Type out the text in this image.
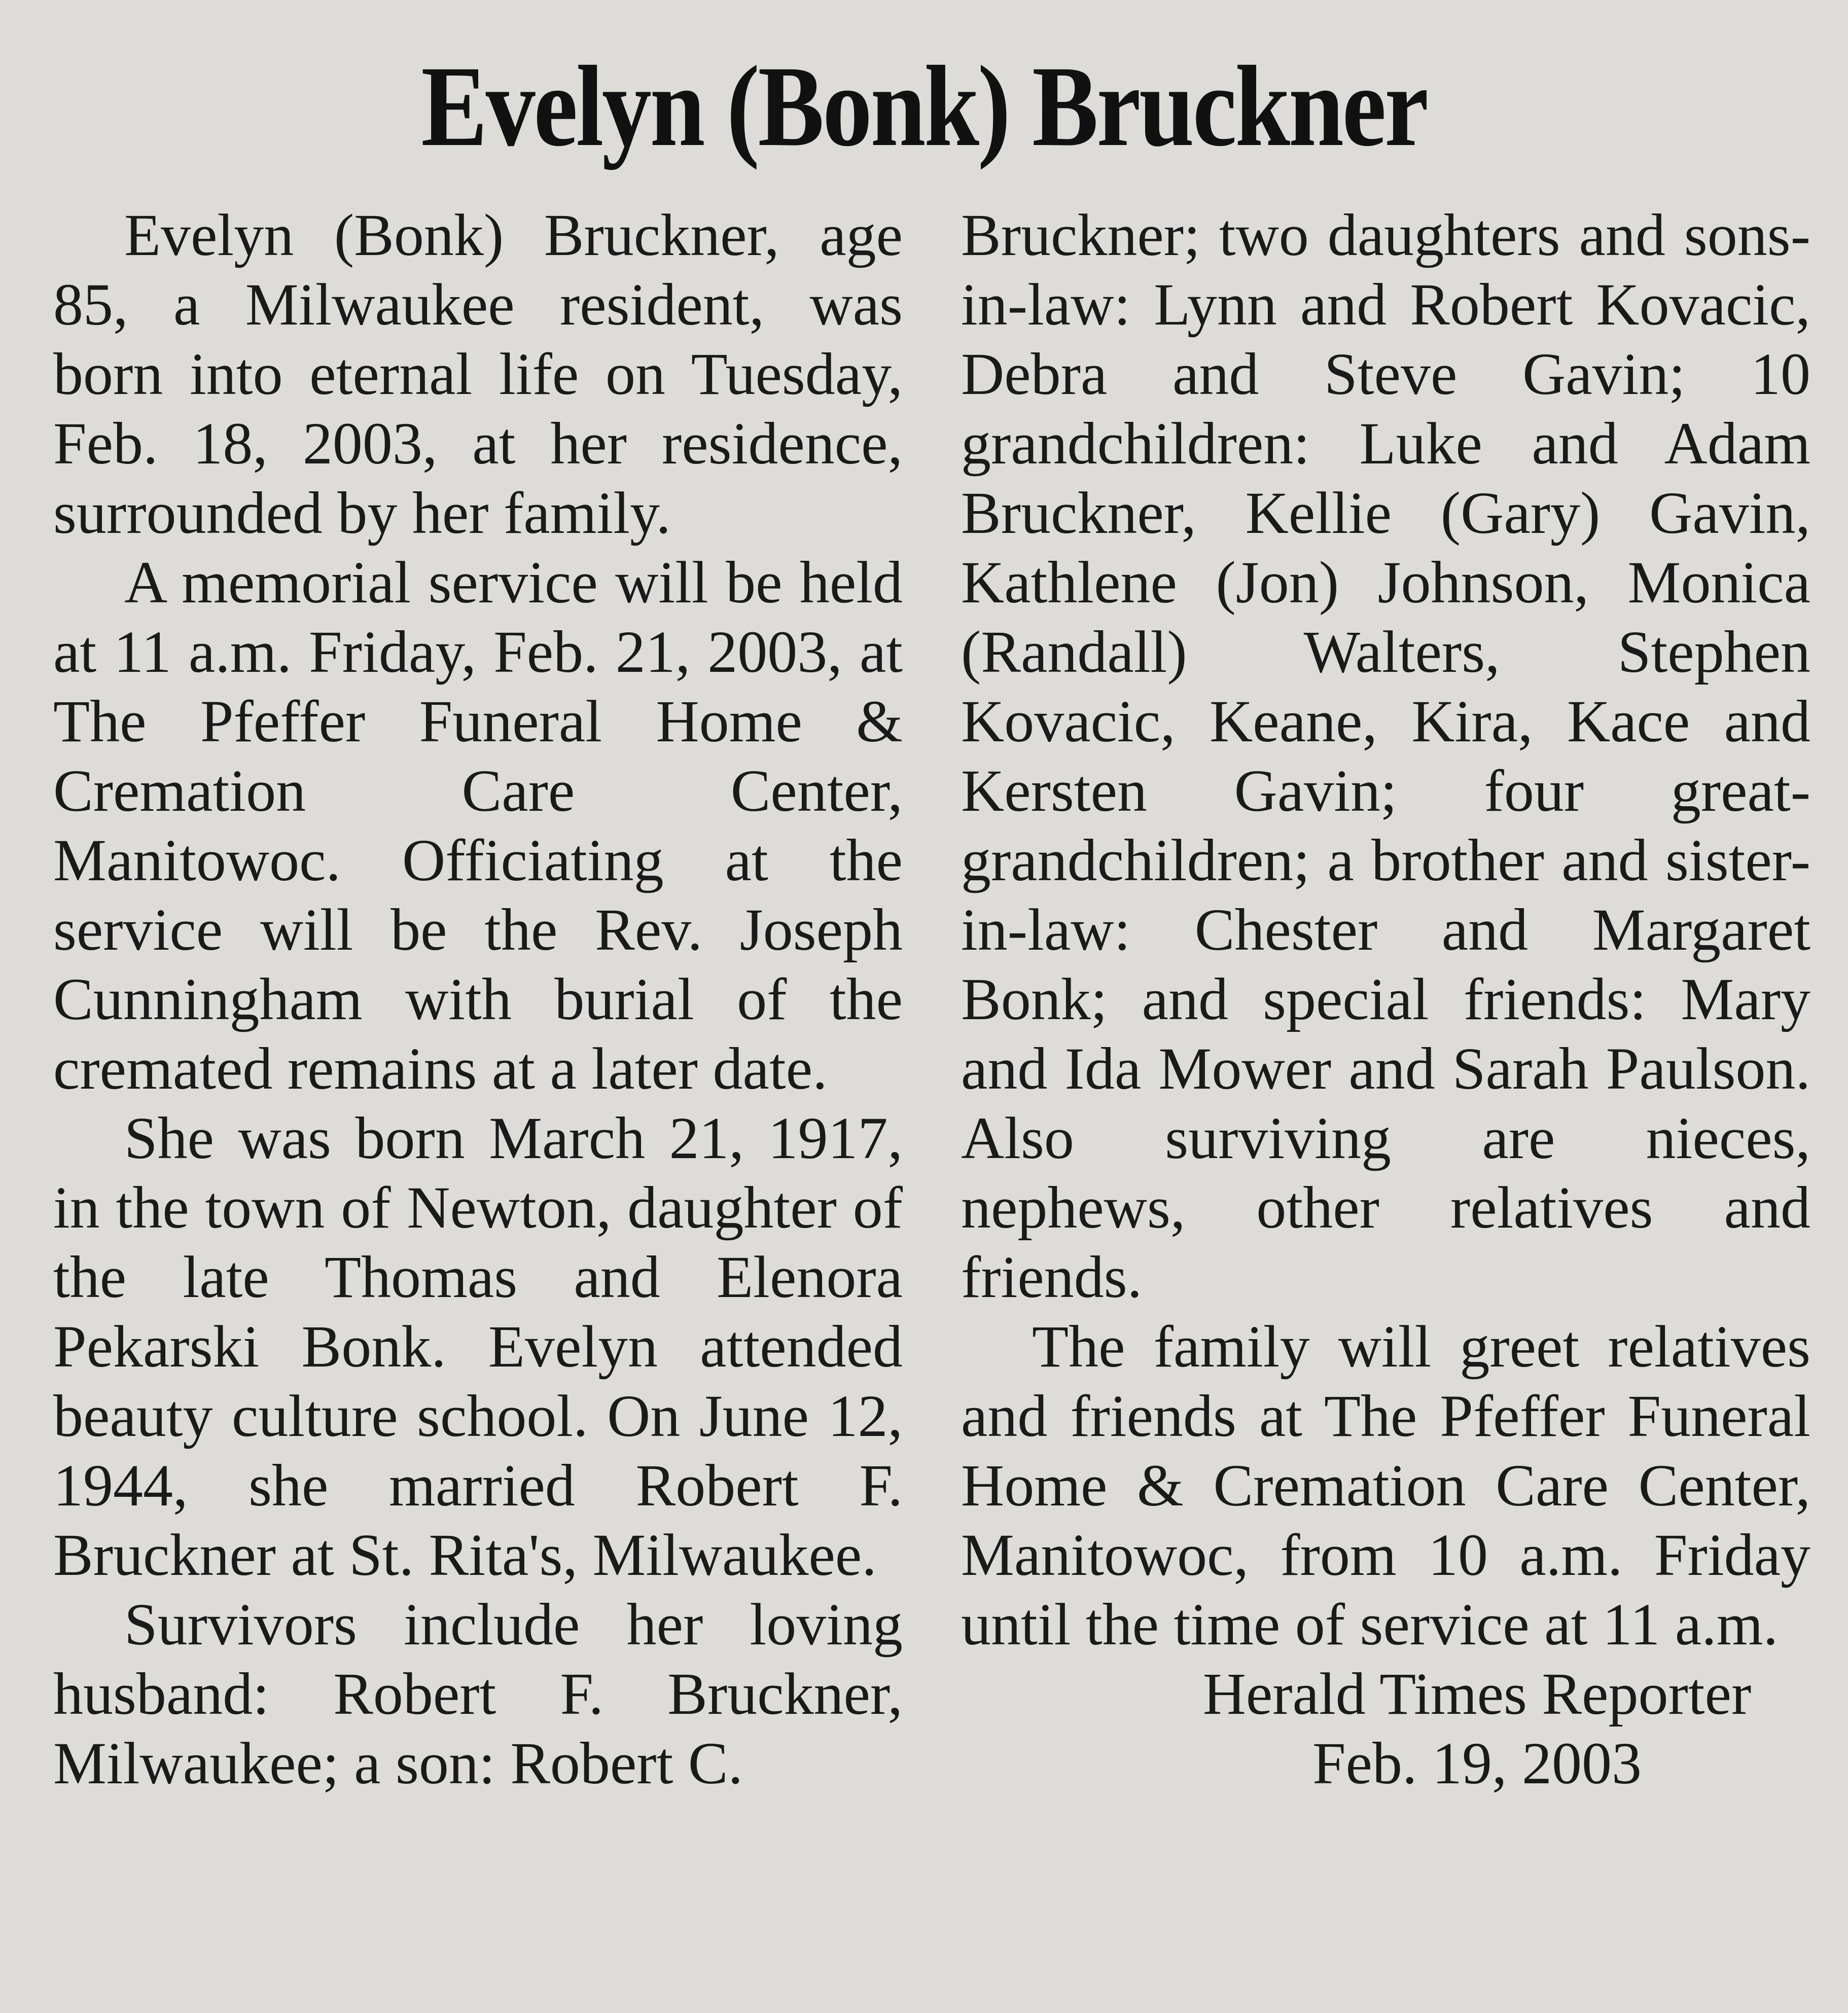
Evelyn (Bonk) Bruckner

Evelyn (Bonk) Bruckner, age 85, a Milwaukee resident, was born into eternal life on Tuesday, Feb. 18, 2003, at her residence, surrounded by her family.

A memorial service will be held at 11 a.m. Friday, Feb. 21, 2003, at The Pfeffer Funeral Home & Cremation Care Center, Manitowoc. Officiating at the service will be the Rev. Joseph Cunningham with burial of the cremated remains at a later date.

She was born March 21, 1917, in the town of Newton, daughter of the late Thomas and Elenora Pekarski Bonk. Evelyn attended beauty culture school. On June 12, 1944, she married Robert F. Bruckner at St. Rita's, Milwaukee.

Survivors include her loving husband: Robert F. Bruckner, Milwaukee; a son: Robert C.

Bruckner; two daughters and sons-in-law: Lynn and Robert Kovacic, Debra and Steve Gavin; 10 grandchildren: Luke and Adam Bruckner, Kellie (Gary) Gavin, Kathlene (Jon) Johnson, Monica (Randall) Walters, Stephen Kovacic, Keane, Kira, Kace and Kersten Gavin; four great-grandchildren; a brother and sister-in-law: Chester and Margaret Bonk; and special friends: Mary and Ida Mower and Sarah Paulson. Also surviving are nieces, nephews, other relatives and friends.

The family will greet relatives and friends at The Pfeffer Funeral Home & Cremation Care Center, Manitowoc, from 10 a.m. Friday until the time of service at 11 a.m.

Herald Times Reporter

Feb. 19, 2003
